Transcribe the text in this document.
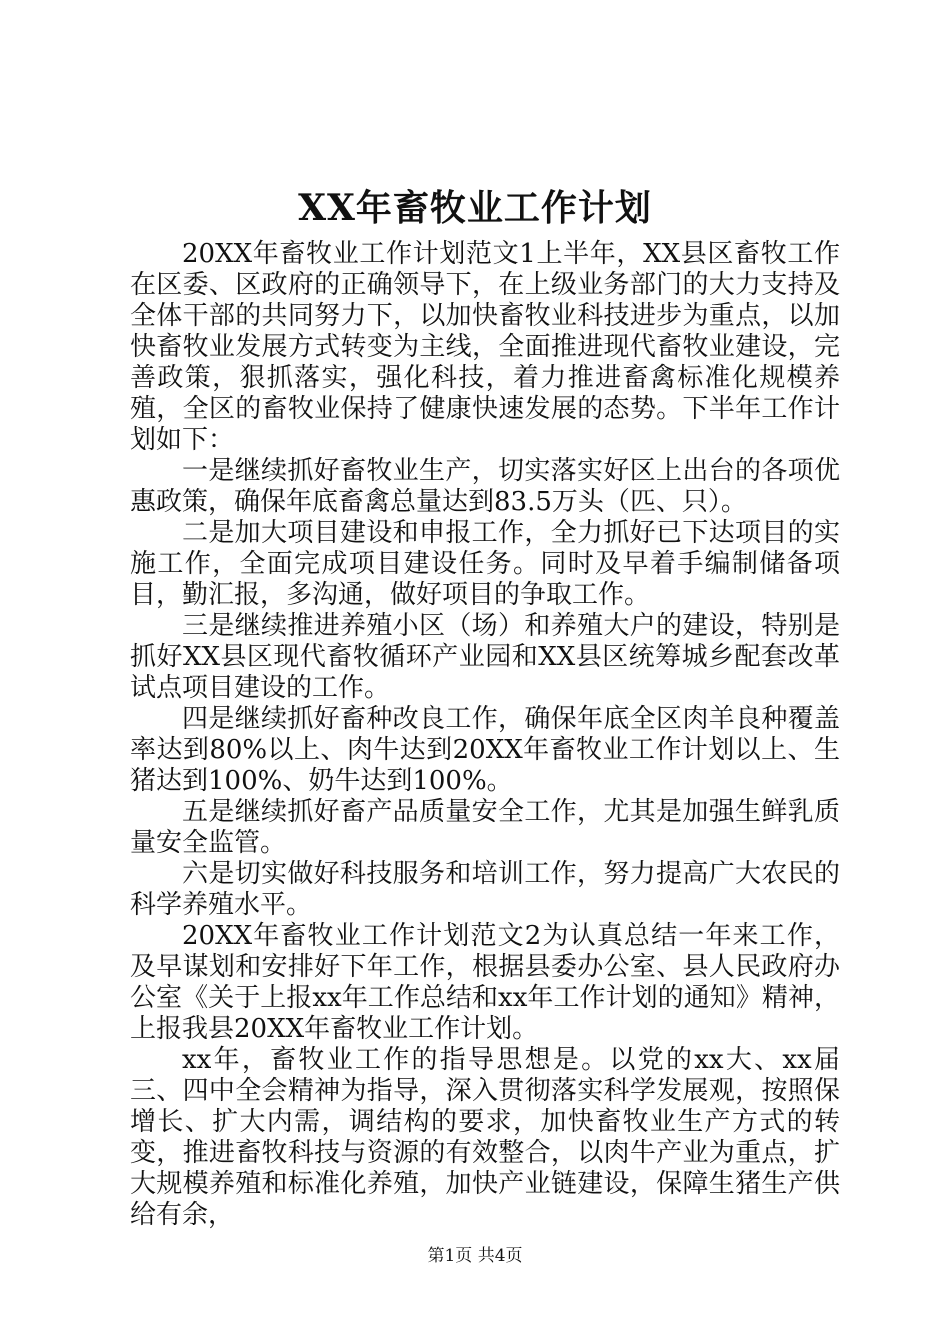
XX年畜牧业工作计划

20XX年畜牧业工作计划范文1上半年，XX县区畜牧工作在区委、区政府的正确领导下，在上级业务部门的大力支持及全体干部的共同努力下，以加快畜牧业科技进步为重点，以加快畜牧业发展方式转变为主线，全面推进现代畜牧业建设，完善政策，狠抓落实，强化科技，着力推进畜禽标准化规模养殖，全区的畜牧业保持了健康快速发展的态势。下半年工作计划如下：

一是继续抓好畜牧业生产，切实落实好区上出台的各项优惠政策，确保年底畜禽总量达到83.5万头（匹、只）。

二是加大项目建设和申报工作，全力抓好已下达项目的实施工作，全面完成项目建设任务。同时及早着手编制储备项目，勤汇报，多沟通，做好项目的争取工作。

三是继续推进养殖小区（场）和养殖大户的建设，特别是抓好XX县区现代畜牧循环产业园和XX县区统筹城乡配套改革试点项目建设的工作。

四是继续抓好畜种改良工作，确保年底全区肉羊良种覆盖率达到80%以上、肉牛达到20XX年畜牧业工作计划以上、生猪达到100%、奶牛达到100%。

五是继续抓好畜产品质量安全工作，尤其是加强生鲜乳质量安全监管。

六是切实做好科技服务和培训工作，努力提高广大农民的科学养殖水平。

20XX年畜牧业工作计划范文2为认真总结一年来工作，及早谋划和安排好下年工作，根据县委办公室、县人民政府办公室《关于上报xx年工作总结和xx年工作计划的通知》精神，上报我县20XX年畜牧业工作计划。

xx年，畜牧业工作的指导思想是。以党的xx大、xx届三、四中全会精神为指导，深入贯彻落实科学发展观，按照保增长、扩大内需，调结构的要求，加快畜牧业生产方式的转变，推进畜牧科技与资源的有效整合，以肉牛产业为重点，扩大规模养殖和标准化养殖，加快产业链建设，保障生猪生产供给有余，

第1页 共4页
